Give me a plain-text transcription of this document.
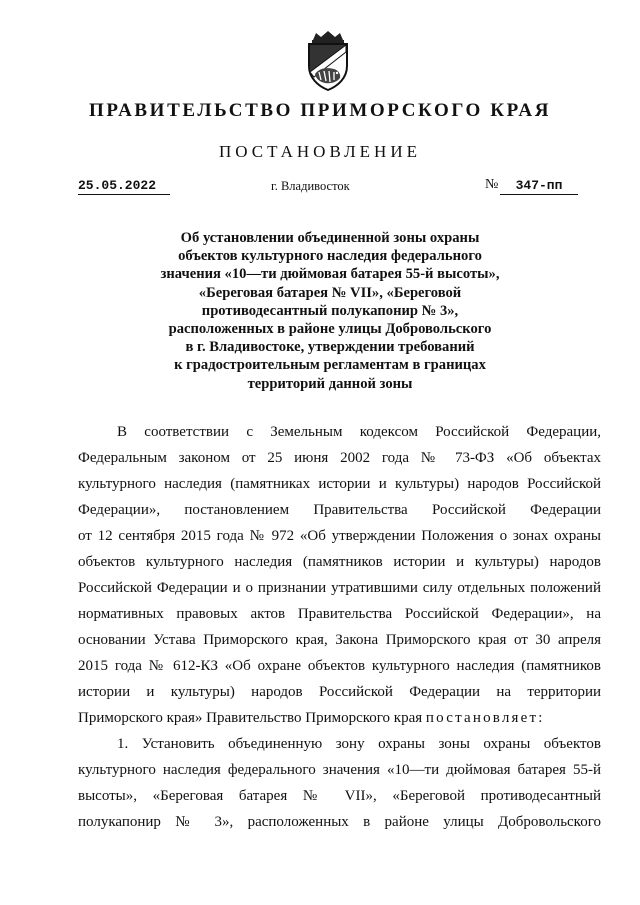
ПРАВИТЕЛЬСТВО ПРИМОРСКОГО КРАЯ
ПОСТАНОВЛЕНИЕ
25.05.2022	г. Владивосток	№	347-пп
Об установлении объединенной зоны охраны
объектов культурного наследия федерального
значения «10—ти дюймовая батарея 55-й высоты»,
«Береговая батарея № VII», «Береговой
противодесантный полукапонир № 3»,
расположенных в районе улицы Добровольского
в г. Владивостоке, утверждении требований
к градостроительным регламентам в границах
территорий данной зоны
В соответствии с Земельным кодексом Российской Федерации,
Федеральным законом от 25 июня 2002 года № 73-ФЗ «Об объектах
культурного наследия (памятниках истории и культуры) народов Российской
Федерации», постановлением Правительства Российской Федерации
от 12 сентября 2015 года № 972 «Об утверждении Положения о зонах охраны
объектов культурного наследия (памятников истории и культуры) народов
Российской Федерации и о признании утратившими силу отдельных положений
нормативных правовых актов Правительства Российской Федерации», на
основании Устава Приморского края, Закона Приморского края от 30 апреля
2015 года № 612-КЗ «Об охране объектов культурного наследия (памятников
истории и культуры) народов Российской Федерации на территории
Приморского края» Правительство Приморского края постановляет:
1. Установить объединенную зону охраны зоны охраны объектов
культурного наследия федерального значения «10—ти дюймовая батарея 55-й
высоты», «Береговая батарея № VII», «Береговой противодесантный
полукапонир № 3», расположенных в районе улицы Добровольского
